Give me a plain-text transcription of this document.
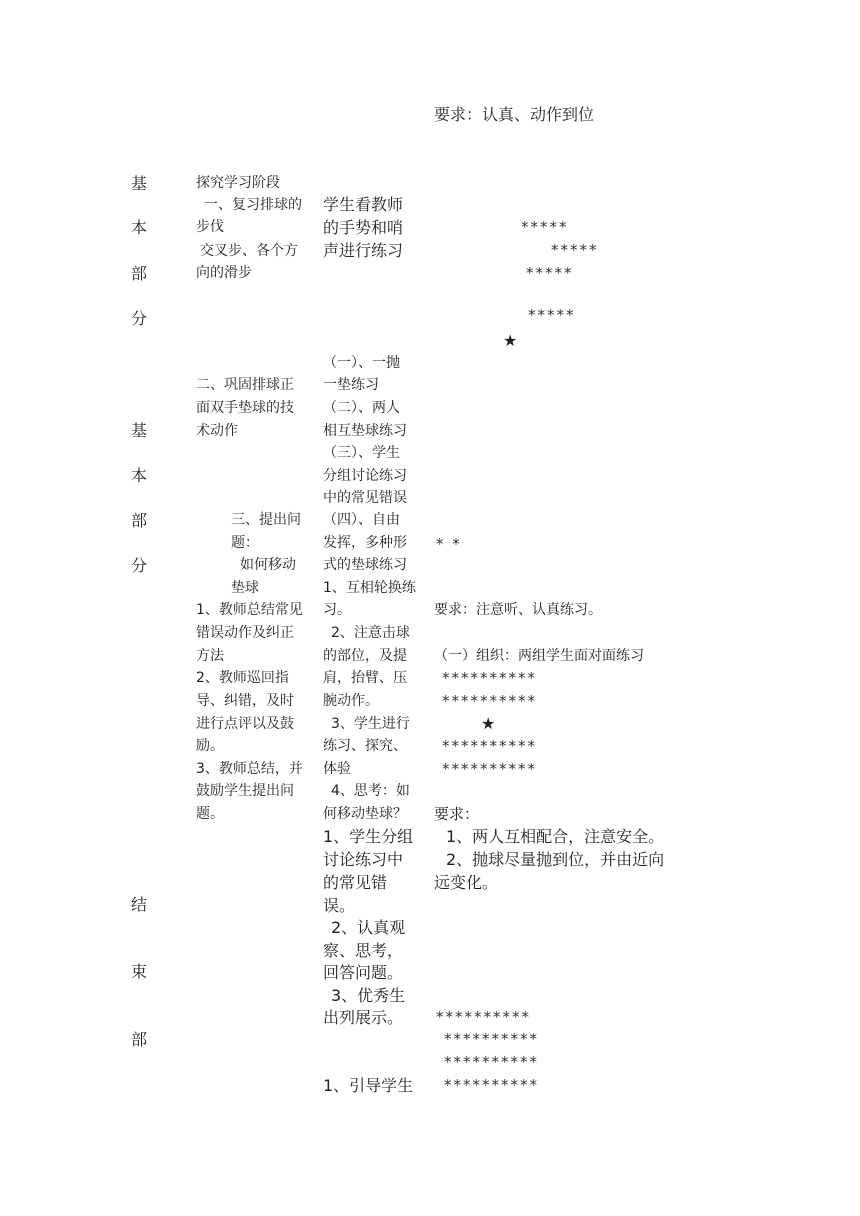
要求：认真、动作到位
基
本
部
分
基
本
部
分
结
束
部
探究学习阶段
一、复习排球的
步伐
交叉步、各个方
向的滑步
二、巩固排球正
面双手垫球的技
术动作
三、提出问
题：
如何移动
垫球
1、教师总结常见
错误动作及纠正
方法
2、教师巡回指
导、纠错，及时
进行点评以及鼓
励。
3、教师总结，并
鼓励学生提出问
题。
学生看教师
的手势和哨
声进行练习
（一）、一抛
一垫练习
（二）、两人
相互垫球练习
（三）、学生
分组讨论练习
中的常见错误
（四）、自由
发挥，多种形
式的垫球练习
1、互相轮换练
习。
2、注意击球
的部位，及提
肩，抬臂、压
腕动作。
3、学生进行
练习、探究、
体验
4、思考：如
何移动垫球？
1、学生分组
讨论练习中
的常见错
误。
2、认真观
察、思考，
回答问题。
3、优秀生
出列展示。
1、引导学生
*****
*****
*****
*****
★
* *
要求：注意听、认真练习。
（一）组织：两组学生面对面练习
**********
**********
★
**********
**********
要求：
1、两人互相配合，注意安全。
2、抛球尽量抛到位，并由近向
远变化。
**********
**********
**********
**********
